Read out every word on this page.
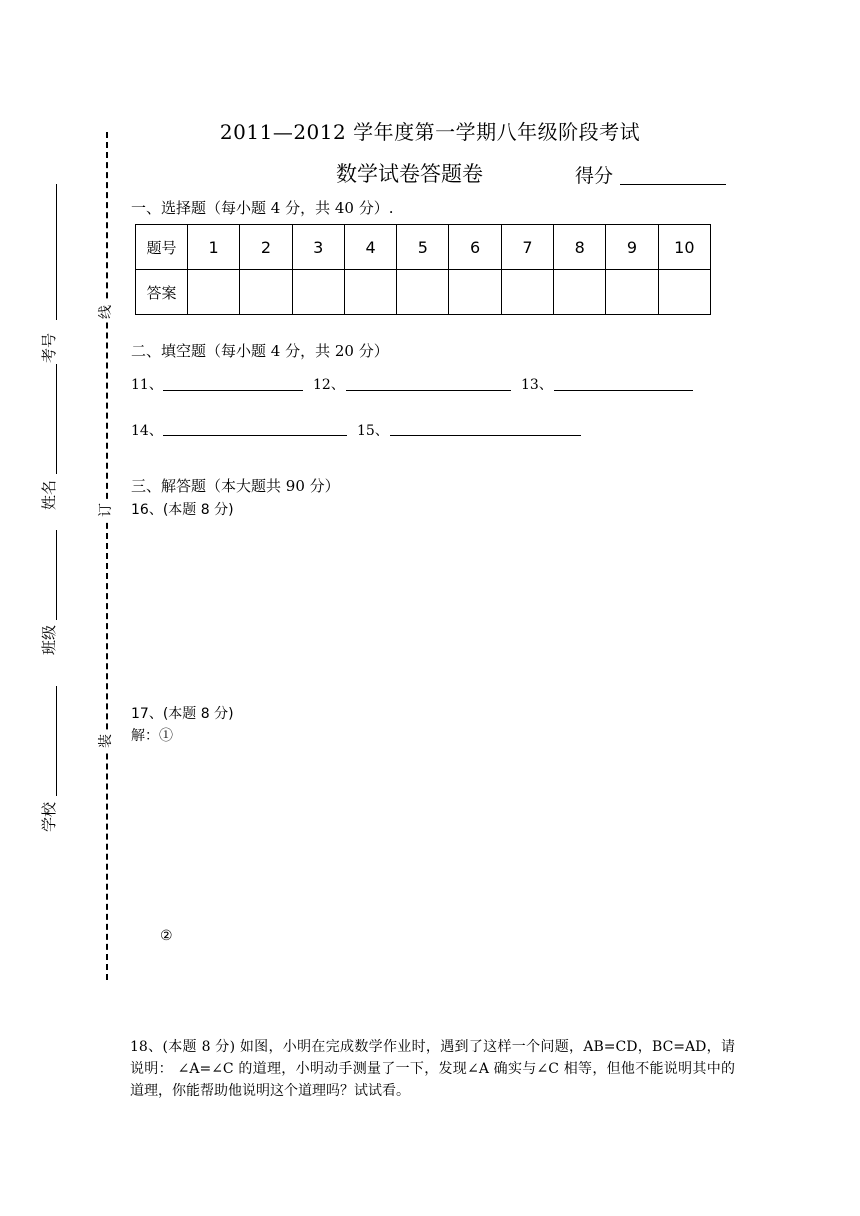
线
订
装
考号
姓名
班级
学校
2011—2012 学年度第一学期八年级阶段考试
数学试卷答题卷	得分
一、选择题（每小题 4 分，共 40 分）.
题号	1	2	3	4	5	6	7	8	9	10
答案										
二、填空题（每小题 4 分，共 20 分）
11、	12、	13、
14、	15、
三、解答题（本大题共 90 分）
16、(本题 8 分)
17、(本题 8 分)
解：①
②
18、(本题 8 分) 如图，小明在完成数学作业时，遇到了这样一个问题，AB=CD，BC=AD，请说明： ∠A=∠C 的道理，小明动手测量了一下，发现∠A 确实与∠C 相等，但他不能说明其中的道理，你能帮助他说明这个道理吗？试试看。
